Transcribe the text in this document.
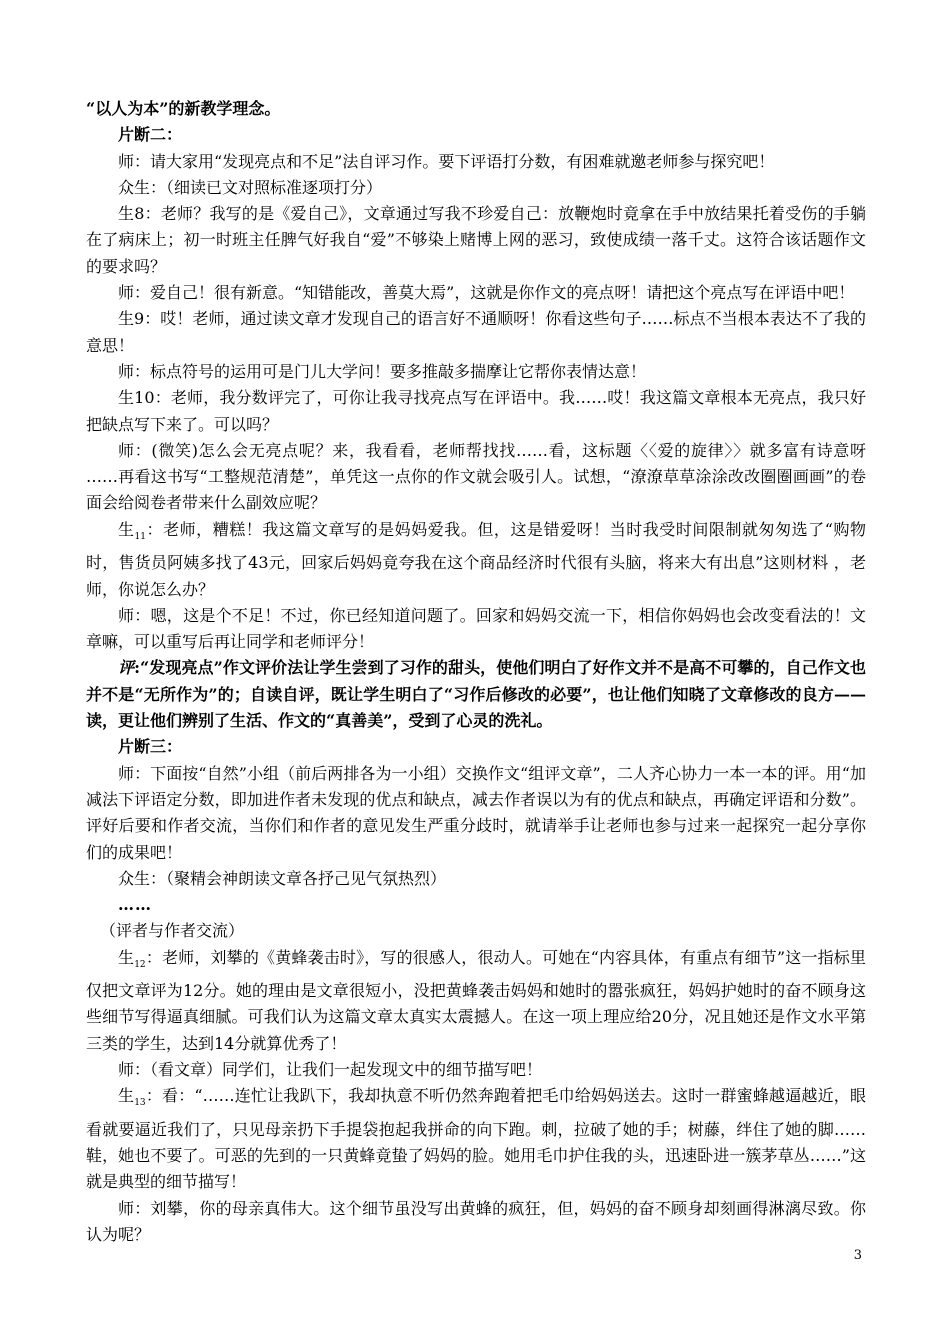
“以人为本”的新教学理念。

片断二：

师：请大家用“发现亮点和不足”法自评习作。要下评语打分数，有困难就邀老师参与探究吧！

众生：（细读已文对照标准逐项打分）

生8：老师？我写的是《爱自己》，文章通过写我不珍爱自己：放鞭炮时竟拿在手中放结果托着受伤的手躺在了病床上；初一时班主任脾气好我自“爱”不够染上赌博上网的恶习，致使成绩一落千丈。这符合该话题作文的要求吗？

师：爱自己！很有新意。“知错能改，善莫大焉”，这就是你作文的亮点呀！请把这个亮点写在评语中吧！

生9：哎！老师，通过读文章才发现自己的语言好不通顺呀！你看这些句子……标点不当根本表达不了我的意思！

师：标点符号的运用可是门儿大学问！要多推敲多揣摩让它帮你表情达意！

生10：老师，我分数评完了，可你让我寻找亮点写在评语中。我……哎！我这篇文章根本无亮点，我只好把缺点写下来了。可以吗？

师：(微笑)怎么会无亮点呢？来，我看看，老师帮找找……看，这标题〈〈爱的旋律〉〉就多富有诗意呀 ……再看这书写“工整规范清楚”，单凭这一点你的作文就会吸引人。试想，“潦潦草草涂涂改改圈圈画画”的卷面会给阅卷者带来什么副效应呢？

生$_{11}$：老师，糟糕！我这篇文章写的是妈妈爱我。但，这是错爱呀！当时我受时间限制就匆匆选了“购物时，售货员阿姨多找了43元，回家后妈妈竟夸我在这个商品经济时代很有头脑，将来大有出息”这则材料 ，老师，你说怎么办？

师：嗯，这是个不足！不过，你已经知道问题了。回家和妈妈交流一下，相信你妈妈也会改变看法的！文章嘛，可以重写后再让同学和老师评分！

评:“发现亮点”作文评价法让学生尝到了习作的甜头，使他们明白了好作文并不是高不可攀的，自己作文也并不是“无所作为”的；自读自评，既让学生明白了“习作后修改的必要”，也让他们知晓了文章修改的良方——读，更让他们辨别了生活、作文的“真善美”，受到了心灵的洗礼。

片断三：

师：下面按“自然”小组（前后两排各为一小组）交换作文“组评文章”，二人齐心协力一本一本的评。用“加减法下评语定分数，即加进作者未发现的优点和缺点，减去作者误以为有的优点和缺点，再确定评语和分数”。评好后要和作者交流，当你们和作者的意见发生严重分歧时，就请举手让老师也参与过来一起探究一起分享你们的成果吧！

众生：（聚精会神朗读文章各抒己见气氛热烈）

……

（评者与作者交流）

生$_{12}$：老师，刘攀的《黄蜂袭击时》，写的很感人，很动人。可她在“内容具体，有重点有细节”这一指标里仅把文章评为12分。她的理由是文章很短小，没把黄蜂袭击妈妈和她时的嚣张疯狂，妈妈护她时的奋不顾身这些细节写得逼真细腻。可我们认为这篇文章太真实太震撼人。在这一项上理应给20分，况且她还是作文水平第三类的学生，达到14分就算优秀了！

师：（看文章）同学们，让我们一起发现文中的细节描写吧！

生$_{13}$：看：“……连忙让我趴下，我却执意不听仍然奔跑着把毛巾给妈妈送去。这时一群蜜蜂越逼越近，眼看就要逼近我们了，只见母亲扔下手提袋抱起我拼命的向下跑。刺，拉破了她的手；树藤，绊住了她的脚……鞋，她也不要了。可恶的先到的一只黄蜂竟蛰了妈妈的脸。她用毛巾护住我的头，迅速卧进一簇茅草丛……”这就是典型的细节描写！

师：刘攀，你的母亲真伟大。这个细节虽没写出黄蜂的疯狂，但，妈妈的奋不顾身却刻画得淋漓尽致。你认为呢？

3
